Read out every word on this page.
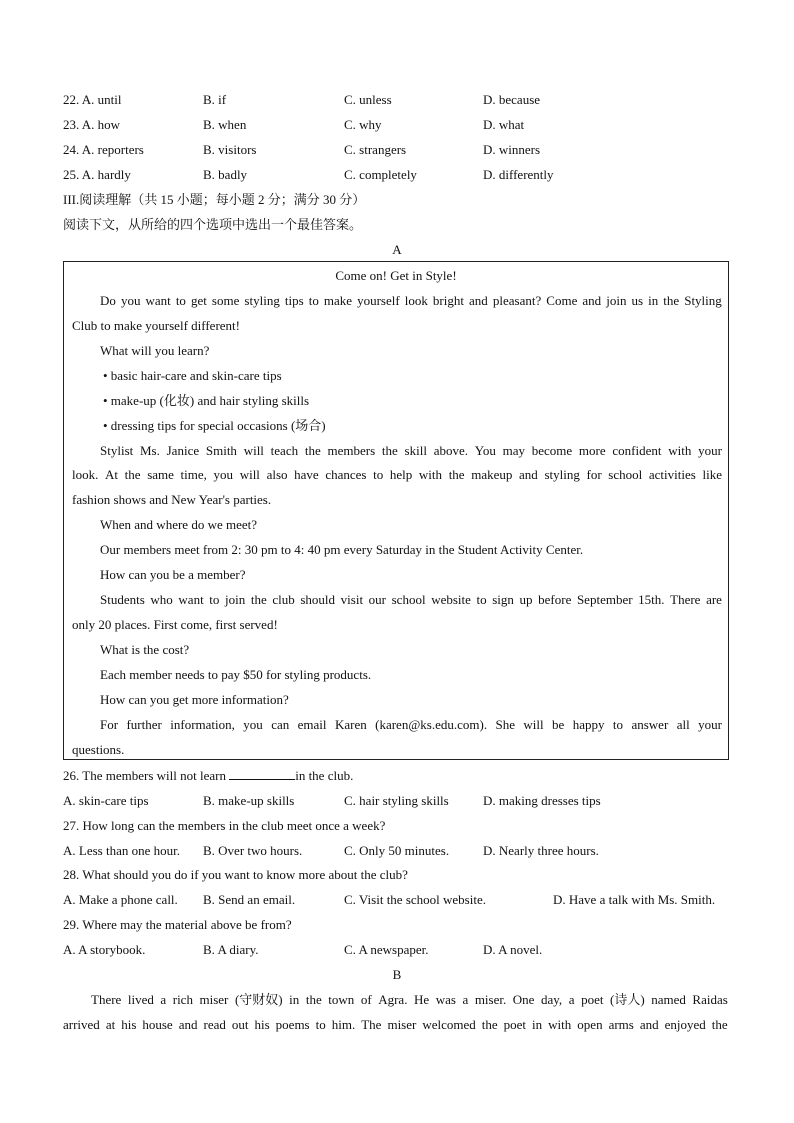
22. A. until	B. if	C. unless	D. because
23. A. how	B. when	C. why	D. what
24. A. reporters	B. visitors	C. strangers	D. winners
25. A. hardly	B. badly	C. completely	D. differently
III.阅读理解（共 15 小题；每小题 2 分；满分 30 分）
阅读下文，从所给的四个选项中选出一个最佳答案。
A
Come on! Get in Style!
Do you want to get some styling tips to make yourself look bright and pleasant? Come and join us in the Styling
Club to make yourself different!
What will you learn?
• basic hair-care and skin-care tips
• make-up (化妆) and hair styling skills
• dressing tips for special occasions (场合)
Stylist Ms. Janice Smith will teach the members the skill above. You may become more confident with your
look. At the same time, you will also have chances to help with the makeup and styling for school activities like
fashion shows and New Year's parties.
When and where do we meet?
Our members meet from 2: 30 pm to 4: 40 pm every Saturday in the Student Activity Center.
How can you be a member?
Students who want to join the club should visit our school website to sign up before September 15th. There are
only 20 places. First come, first served!
What is the cost?
Each member needs to pay $50 for styling products.
How can you get more information?
For further information, you can email Karen (karen@ks.edu.com). She will be happy to answer all your
questions.
26. The members will not learn	in the club.
A. skin-care tips	B. make-up skills	C. hair styling skills	D. making dresses tips
27. How long can the members in the club meet once a week?
A. Less than one hour. B. Over two hours.	C. Only 50 minutes.	D. Nearly three hours.
28. What should you do if you want to know more about the club?
A. Make a phone call. B. Send an email.	C. Visit the school website.	D. Have a talk with Ms. Smith.
29. Where may the material above be from?
A. A storybook.	B. A diary.	C. A newspaper.	D. A novel.
B
There lived a rich miser (守财奴) in the town of Agra. He was a miser. One day, a poet (诗人) named Raidas
arrived at his house and read out his poems to him. The miser welcomed the poet in with open arms and enjoyed the
